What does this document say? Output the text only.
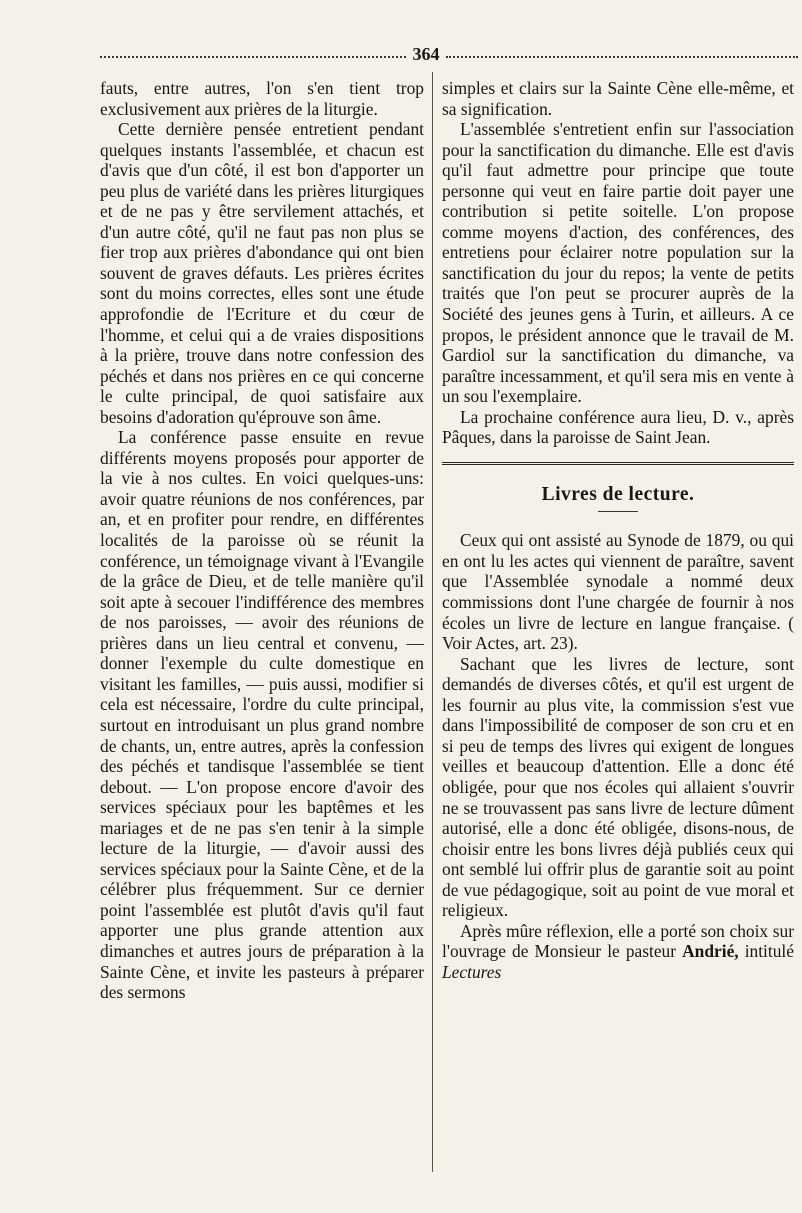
364

fauts, entre autres, l'on s'en tient trop exclusivement aux prières de la liturgie.

Cette dernière pensée entretient pendant quelques instants l'assemblée, et chacun est d'avis que d'un côté, il est bon d'apporter un peu plus de variété dans les prières liturgiques et de ne pas y être servilement attachés, et d'un autre côté, qu'il ne faut pas non plus se fier trop aux prières d'abondance qui ont bien souvent de graves défauts. Les prières écrites sont du moins correctes, elles sont une étude approfondie de l'Ecriture et du cœur de l'homme, et celui qui a de vraies dispositions à la prière, trouve dans notre confession des péchés et dans nos prières en ce qui concerne le culte principal, de quoi satisfaire aux besoins d'adoration qu'éprouve son âme.

La conférence passe ensuite en revue différents moyens proposés pour apporter de la vie à nos cultes. En voici quelques-uns: avoir quatre réunions de nos conférences, par an, et en profiter pour rendre, en différentes localités de la paroisse où se réunit la conférence, un témoignage vivant à l'Evangile de la grâce de Dieu, et de telle manière qu'il soit apte à secouer l'indifférence des membres de nos paroisses, — avoir des réunions de prières dans un lieu central et convenu, — donner l'exemple du culte domestique en visitant les familles, — puis aussi, modifier si cela est nécessaire, l'ordre du culte principal, surtout en introduisant un plus grand nombre de chants, un, entre autres, après la confession des péchés et tandisque l'assemblée se tient debout. — L'on propose encore d'avoir des services spéciaux pour les baptêmes et les mariages et de ne pas s'en tenir à la simple lecture de la liturgie, — d'avoir aussi des services spéciaux pour la Sainte Cène, et de la célébrer plus fréquemment. Sur ce dernier point l'assemblée est plutôt d'avis qu'il faut apporter une plus grande attention aux dimanches et autres jours de préparation à la Sainte Cène, et invite les pasteurs à préparer des sermons

simples et clairs sur la Sainte Cène elle-même, et sa signification.

L'assemblée s'entretient enfin sur l'association pour la sanctification du dimanche. Elle est d'avis qu'il faut admettre pour principe que toute personne qui veut en faire partie doit payer une contribution si petite soitelle. L'on propose comme moyens d'action, des conférences, des entretiens pour éclairer notre population sur la sanctification du jour du repos; la vente de petits traités que l'on peut se procurer auprès de la Société des jeunes gens à Turin, et ailleurs. A ce propos, le président annonce que le travail de M. Gardiol sur la sanctification du dimanche, va paraître incessamment, et qu'il sera mis en vente à un sou l'exemplaire.

La prochaine conférence aura lieu, D. v., après Pâques, dans la paroisse de Saint Jean.

Livres de lecture.

Ceux qui ont assisté au Synode de 1879, ou qui en ont lu les actes qui viennent de paraître, savent que l'Assemblée synodale a nommé deux commissions dont l'une chargée de fournir à nos écoles un livre de lecture en langue française. ( Voir Actes, art. 23).

Sachant que les livres de lecture, sont demandés de diverses côtés, et qu'il est urgent de les fournir au plus vite, la commission s'est vue dans l'impossibilité de composer de son cru et en si peu de temps des livres qui exigent de longues veilles et beaucoup d'attention. Elle a donc été obligée, pour que nos écoles qui allaient s'ouvrir ne se trouvassent pas sans livre de lecture dûment autorisé, elle a donc été obligée, disons-nous, de choisir entre les bons livres déjà publiés ceux qui ont semblé lui offrir plus de garantie soit au point de vue pédagogique, soit au point de vue moral et religieux.

Après mûre réflexion, elle a porté son choix sur l'ouvrage de Monsieur le pasteur Andrié, intitulé Lectures
